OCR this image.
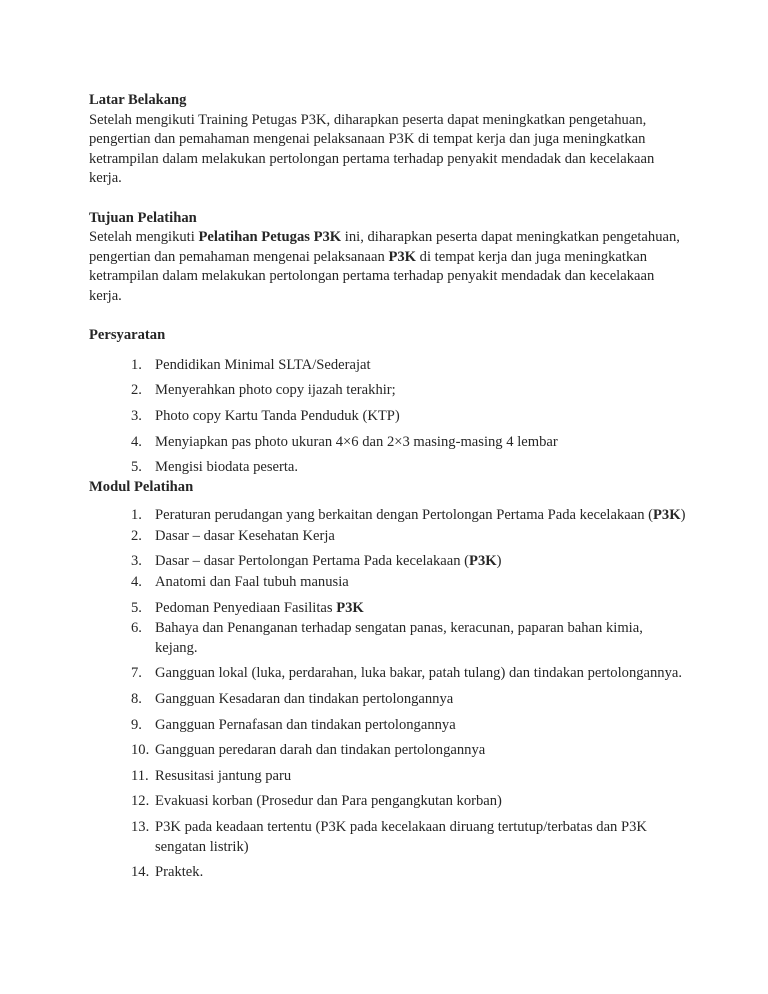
Latar Belakang

Setelah mengikuti Training Petugas P3K, diharapkan peserta dapat meningkatkan pengetahuan, pengertian dan pemahaman mengenai pelaksanaan P3K di tempat kerja dan juga meningkatkan ketrampilan dalam melakukan pertolongan pertama terhadap penyakit mendadak dan kecelakaan kerja.

Tujuan Pelatihan

Setelah mengikuti Pelatihan Petugas P3K ini, diharapkan peserta dapat meningkatkan pengetahuan, pengertian dan pemahaman mengenai pelaksanaan P3K di tempat kerja dan juga meningkatkan ketrampilan dalam melakukan pertolongan pertama terhadap penyakit mendadak dan kecelakaan kerja.

Persyaratan

1. Pendidikan Minimal SLTA/Sederajat
2. Menyerahkan photo copy ijazah terakhir;
3. Photo copy Kartu Tanda Penduduk (KTP)
4. Menyiapkan pas photo ukuran 4×6 dan 2×3 masing-masing 4 lembar
5. Mengisi biodata peserta.

Modul Pelatihan

1. Peraturan perudangan yang berkaitan dengan Pertolongan Pertama Pada kecelakaan (P3K)
2. Dasar – dasar Kesehatan Kerja
3. Dasar – dasar Pertolongan Pertama Pada kecelakaan (P3K)
4. Anatomi dan Faal tubuh manusia
5. Pedoman Penyediaan Fasilitas P3K
6. Bahaya dan Penanganan terhadap sengatan panas, keracunan, paparan bahan kimia, kejang.
7. Gangguan lokal (luka, perdarahan, luka bakar, patah tulang) dan tindakan pertolongannya.
8. Gangguan Kesadaran dan tindakan pertolongannya
9. Gangguan Pernafasan dan tindakan pertolongannya
10. Gangguan peredaran darah dan tindakan pertolongannya
11. Resusitasi jantung paru
12. Evakuasi korban (Prosedur dan Para pengangkutan korban)
13. P3K pada keadaan tertentu (P3K pada kecelakaan diruang tertutup/terbatas dan P3K sengatan listrik)
14. Praktek.
